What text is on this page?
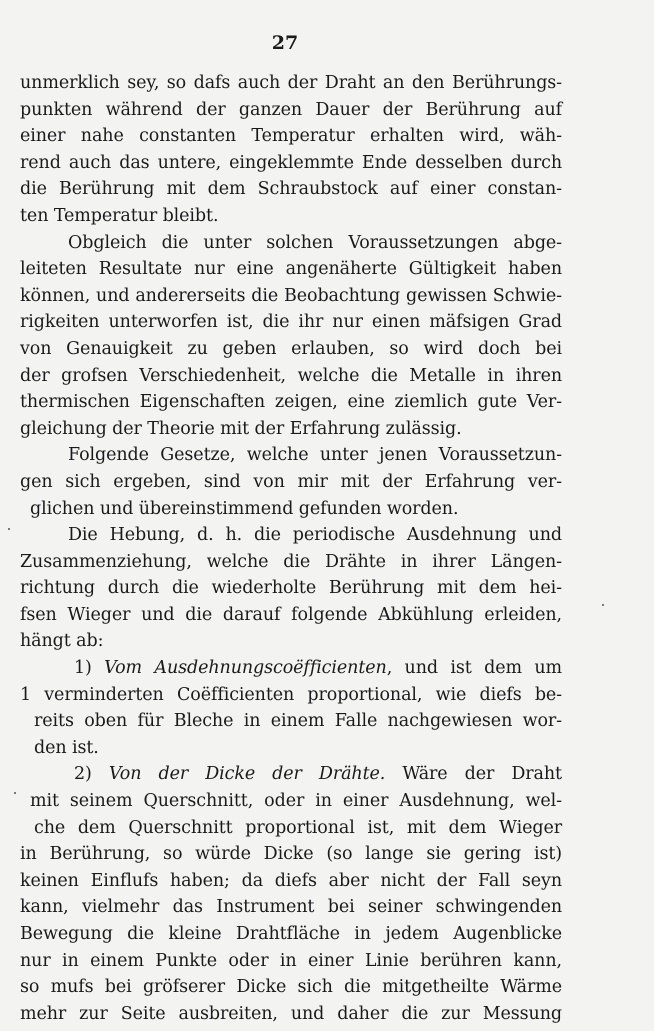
27
unmerklich sey, so dafs auch der Draht an den Berührungs-
punkten während der ganzen Dauer der Berührung auf
einer nahe constanten Temperatur erhalten wird, wäh-
rend auch das untere, eingeklemmte Ende desselben durch
die Berührung mit dem Schraubstock auf einer constan-
ten Temperatur bleibt.
Obgleich die unter solchen Voraussetzungen abge-
leiteten Resultate nur eine angenäherte Gültigkeit haben
können, und andererseits die Beobachtung gewissen Schwie-
rigkeiten unterworfen ist, die ihr nur einen mäfsigen Grad
von Genauigkeit zu geben erlauben, so wird doch bei
der grofsen Verschiedenheit, welche die Metalle in ihren
thermischen Eigenschaften zeigen, eine ziemlich gute Ver-
gleichung der Theorie mit der Erfahrung zulässig.
Folgende Gesetze, welche unter jenen Voraussetzun-
gen sich ergeben, sind von mir mit der Erfahrung ver-
glichen und übereinstimmend gefunden worden.
Die Hebung, d. h. die periodische Ausdehnung und
Zusammenziehung, welche die Drähte in ihrer Längen-
richtung durch die wiederholte Berührung mit dem hei-
fsen Wieger und die darauf folgende Abkühlung erleiden,
hängt ab:
1) Vom Ausdehnungscoëfficienten, und ist dem um
1 verminderten Coëfficienten proportional, wie diefs be-
reits oben für Bleche in einem Falle nachgewiesen wor-
den ist.
2) Von der Dicke der Drähte. Wäre der Draht
mit seinem Querschnitt, oder in einer Ausdehnung, wel-
che dem Querschnitt proportional ist, mit dem Wieger
in Berührung, so würde Dicke (so lange sie gering ist)
keinen Einflufs haben; da diefs aber nicht der Fall seyn
kann, vielmehr das Instrument bei seiner schwingenden
Bewegung die kleine Drahtfläche in jedem Augenblicke
nur in einem Punkte oder in einer Linie berühren kann,
so mufs bei gröfserer Dicke sich die mitgetheilte Wärme
mehr zur Seite ausbreiten, und daher die zur Messung
